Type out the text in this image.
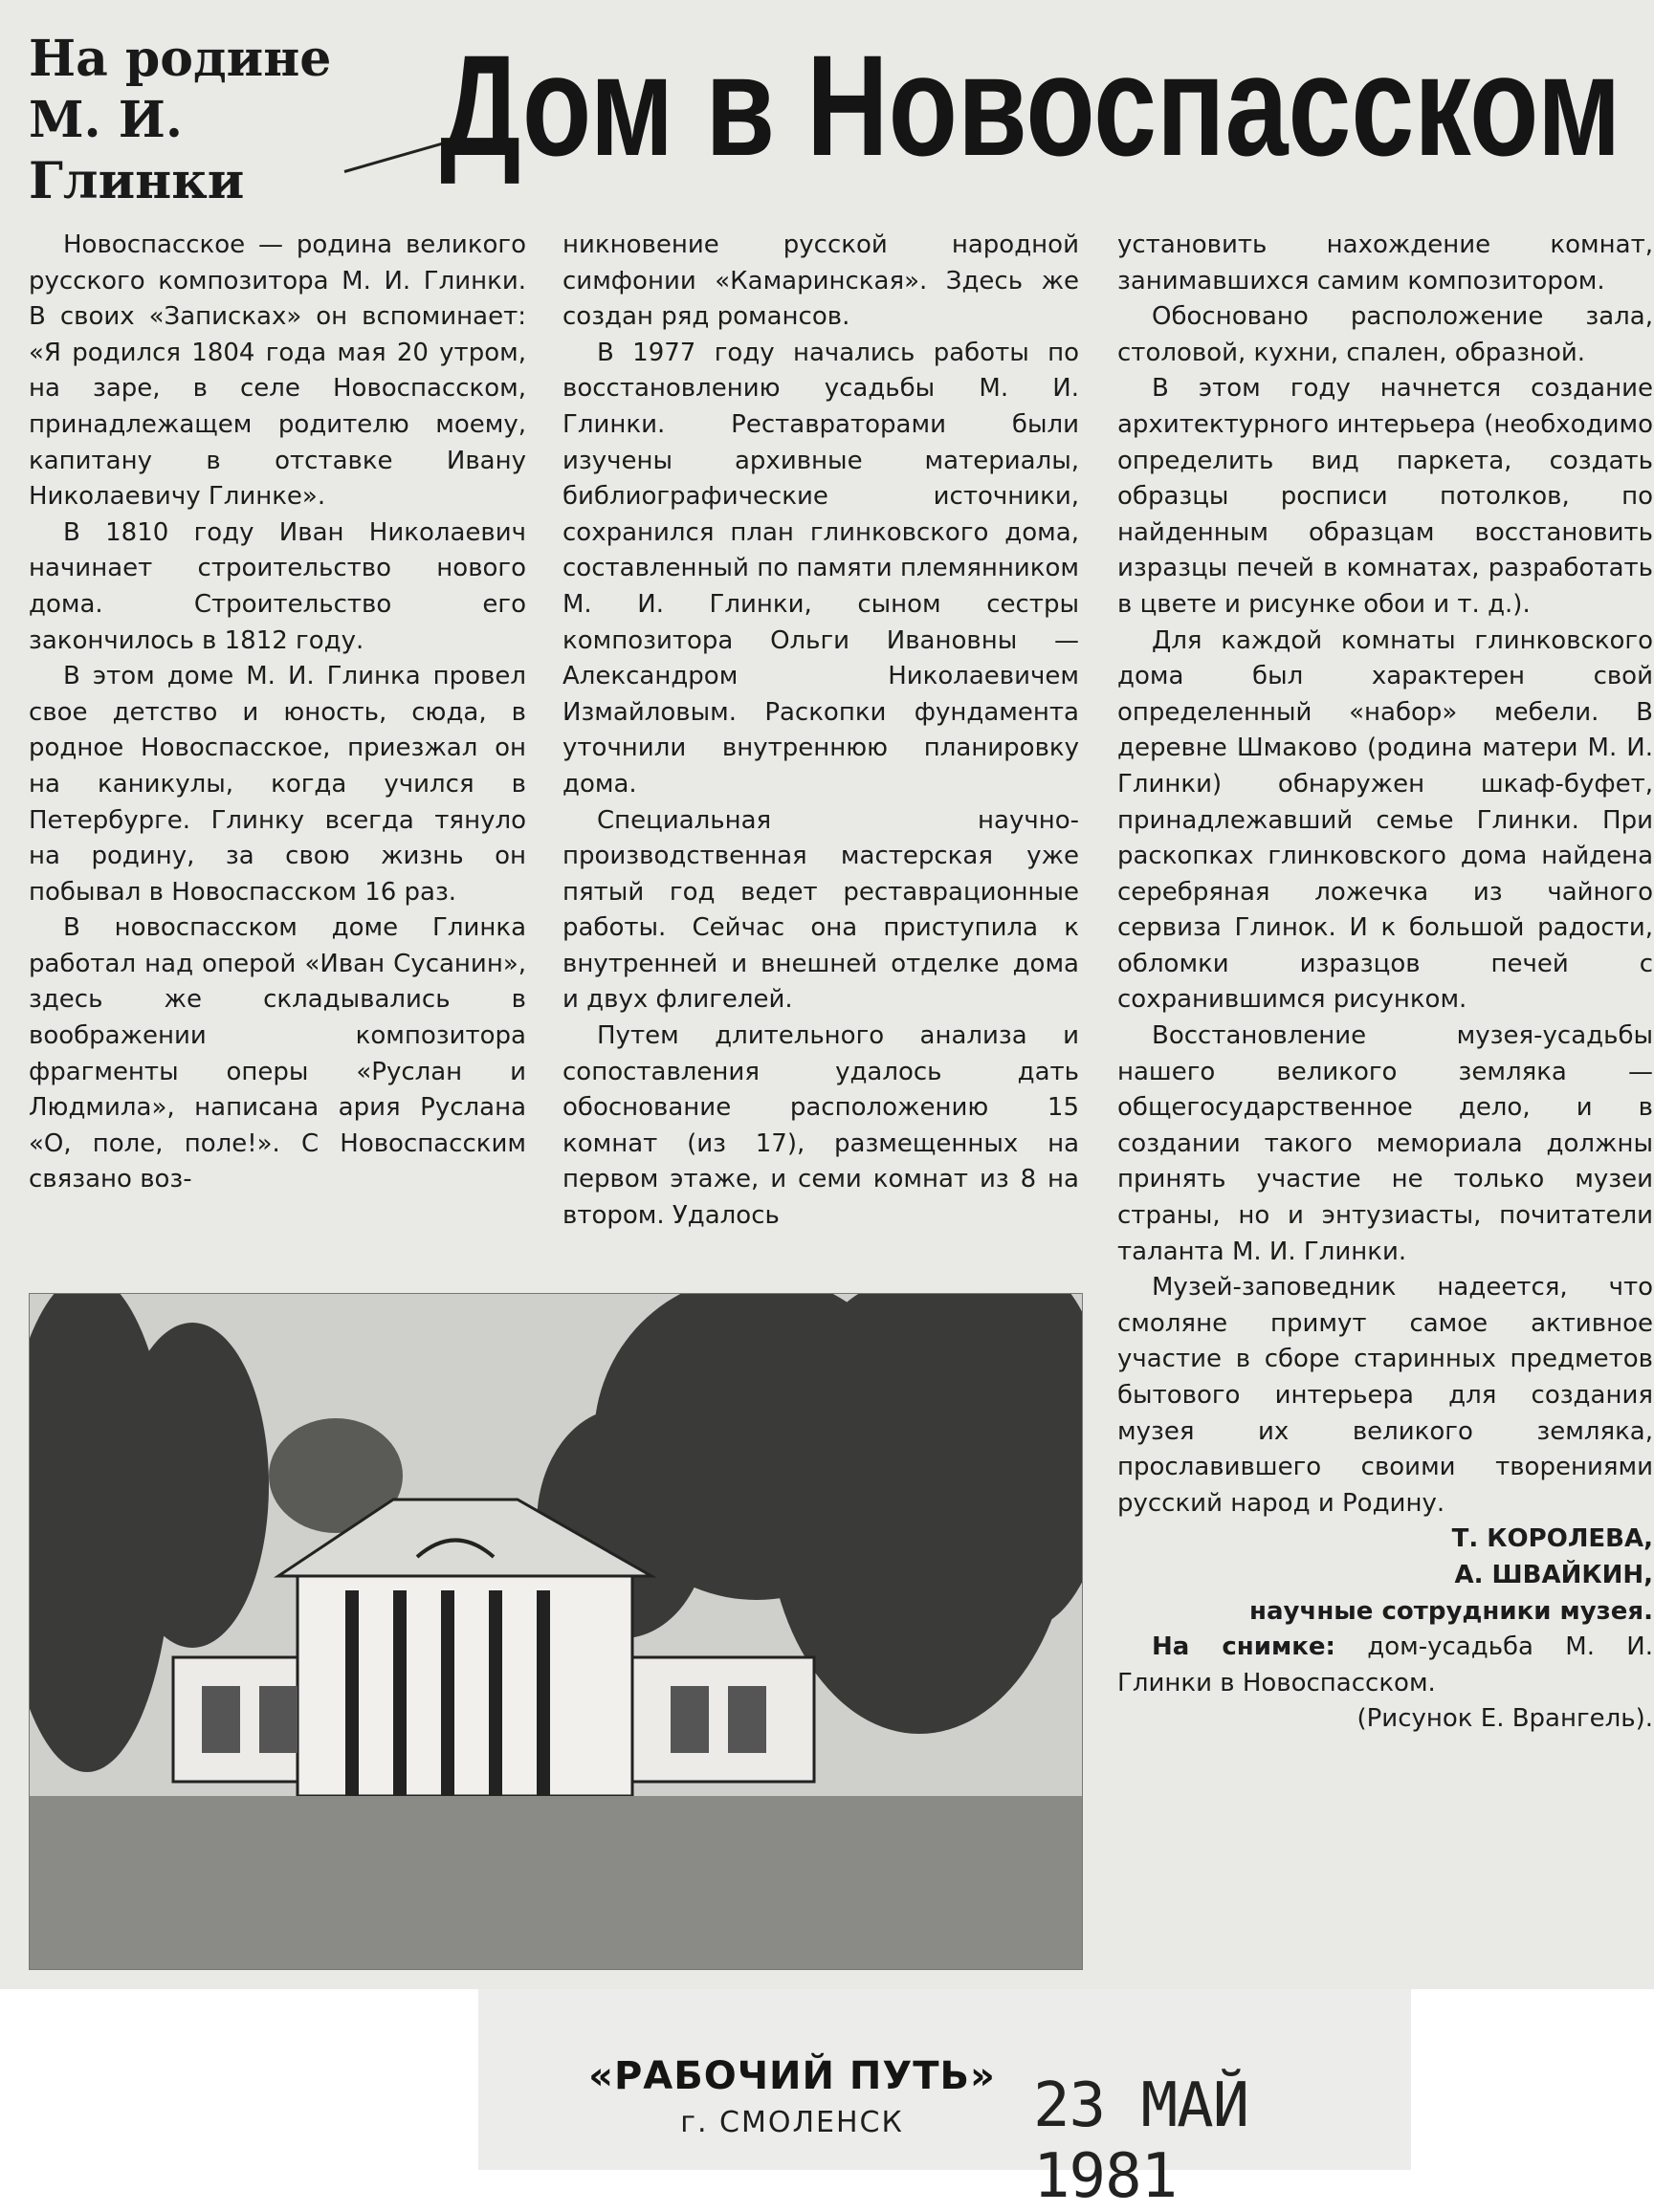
На родине
М. И. Глинки	Дом в Новоспасском

Новоспасское — родина великого русского композитора М. И. Глинки. В своих «Записках» он вспоминает: «Я родился 1804 года мая 20 утром, на заре, в селе Новоспасском, принадлежащем родителю моему, капитану в отставке Ивану Николаевичу Глинке».

В 1810 году Иван Николаевич начинает строительство нового дома. Строительство его закончилось в 1812 году.

В этом доме М. И. Глинка провел свое детство и юность, сюда, в родное Новоспасское, приезжал он на каникулы, когда учился в Петербурге. Глинку всегда тянуло на родину, за свою жизнь он побывал в Новоспасском 16 раз.

В новоспасском доме Глинка работал над оперой «Иван Сусанин», здесь же складывались в воображении композитора фрагменты оперы «Руслан и Людмила», написана ария Руслана «О, поле, поле!». С Новоспасским связано воз-

никновение русской народной симфонии «Камаринская». Здесь же создан ряд романсов.

В 1977 году начались работы по восстановлению усадьбы М. И. Глинки. Реставраторами были изучены архивные материалы, библиографические источники, сохранился план глинковского дома, составленный по памяти племянником М. И. Глинки, сыном сестры композитора Ольги Ивановны — Александром Николаевичем Измайловым. Раскопки фундамента уточнили внутреннюю планировку дома.

Специальная научно-производственная мастерская уже пятый год ведет реставрационные работы. Сейчас она приступила к внутренней и внешней отделке дома и двух флигелей.

Путем длительного анализа и сопоставления удалось дать обоснование расположению 15 комнат (из 17), размещенных на первом этаже, и семи комнат из 8 на втором. Удалось

установить нахождение комнат, занимавшихся самим композитором.

Обосновано расположение зала, столовой, кухни, спален, образной.

В этом году начнется создание архитектурного интерьера (необходимо определить вид паркета, создать образцы росписи потолков, по найденным образцам восстановить изразцы печей в комнатах, разработать в цвете и рисунке обои и т. д.).

Для каждой комнаты глинковского дома был характерен свой определенный «набор» мебели. В деревне Шмаково (родина матери М. И. Глинки) обнаружен шкаф-буфет, принадлежавший семье Глинки. При раскопках глинковского дома найдена серебряная ложечка из чайного сервиза Глинок. И к большой радости, обломки изразцов печей с сохранившимся рисунком.

Восстановление музея-усадьбы нашего великого земляка — общегосударственное дело, и в создании такого мемориала должны принять участие не только музеи страны, но и энтузиасты, почитатели таланта М. И. Глинки.

Музей-заповедник надеется, что смоляне примут самое активное участие в сборе старинных предметов бытового интерьера для создания музея их великого земляка, прославившего своими творениями русский народ и Родину.

Т. КОРОЛЕВА,

А. ШВАЙКИН,

научные сотрудники музея.

На снимке: дом-усадьба М. И. Глинки в Новоспасском.

(Рисунок Е. Врангель).

«РАБОЧИЙ ПУТЬ»
г. СМОЛЕНСК	23 МАЙ 1981
